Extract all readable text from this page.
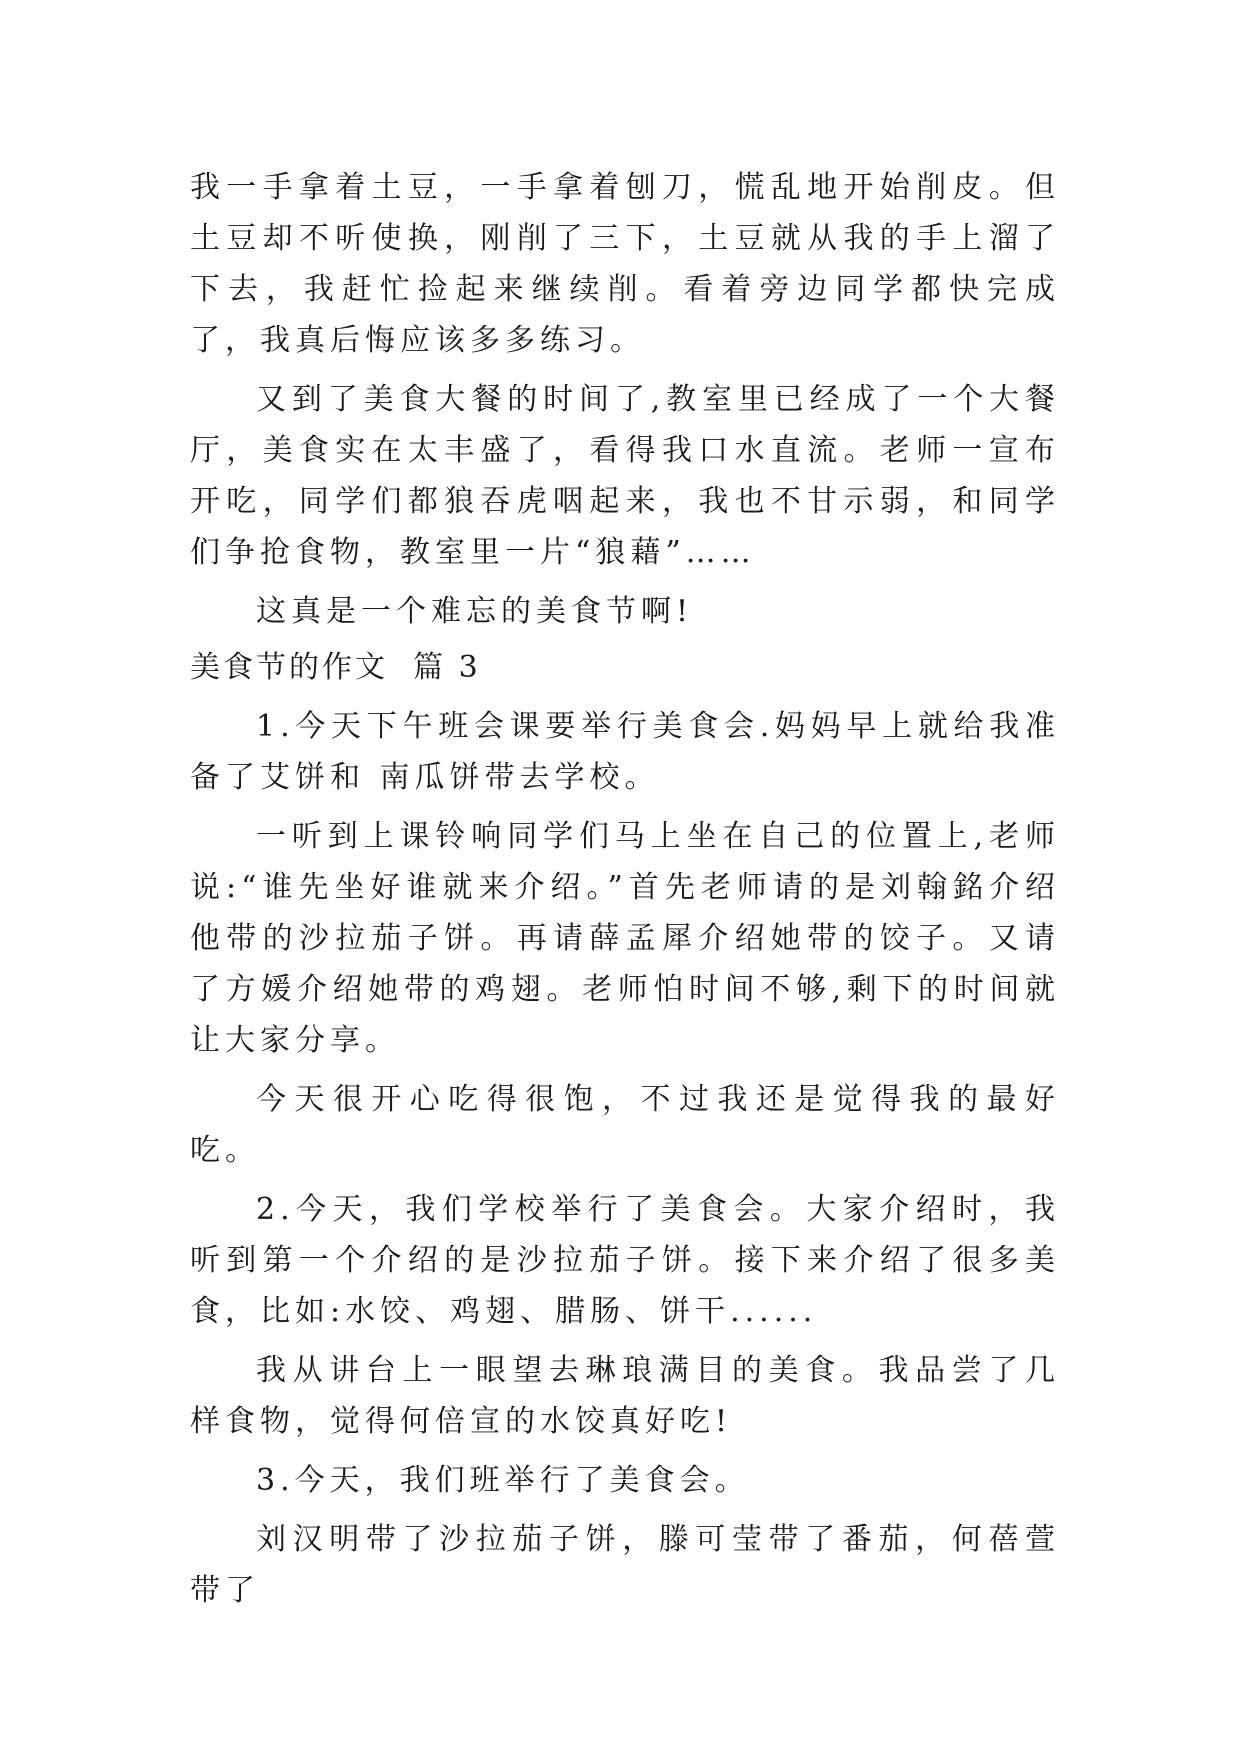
我一手拿着土豆，一手拿着刨刀，慌乱地开始削皮。但土豆却不听使换，刚削了三下，土豆就从我的手上溜了下去，我赶忙捡起来继续削。看着旁边同学都快完成了，我真后悔应该多多练习。

又到了美食大餐的时间了,教室里已经成了一个大餐厅，美食实在太丰盛了，看得我口水直流。老师一宣布开吃，同学们都狼吞虎咽起来，我也不甘示弱，和同学们争抢食物，教室里一片“狼藉”……

这真是一个难忘的美食节啊!

美食节的作文  篇 3

1.今天下午班会课要举行美食会.妈妈早上就给我准备了艾饼和 南瓜饼带去学校。

一听到上课铃响同学们马上坐在自己的位置上,老师说:“谁先坐好谁就来介绍。”首先老师请的是刘翰銘介绍他带的沙拉茄子饼。再请薛孟犀介绍她带的饺子。又请了方媛介绍她带的鸡翅。老师怕时间不够,剩下的时间就让大家分享。

今天很开心吃得很饱，不过我还是觉得我的最好吃。

2.今天，我们学校举行了美食会。大家介绍时，我听到第一个介绍的是沙拉茄子饼。接下来介绍了很多美食，比如:水饺、鸡翅、腊肠、饼干......

我从讲台上一眼望去琳琅满目的美食。我品尝了几样食物，觉得何倍宣的水饺真好吃!

3.今天，我们班举行了美食会。

刘汉明带了沙拉茄子饼，滕可莹带了番茄，何蓓萱带了
